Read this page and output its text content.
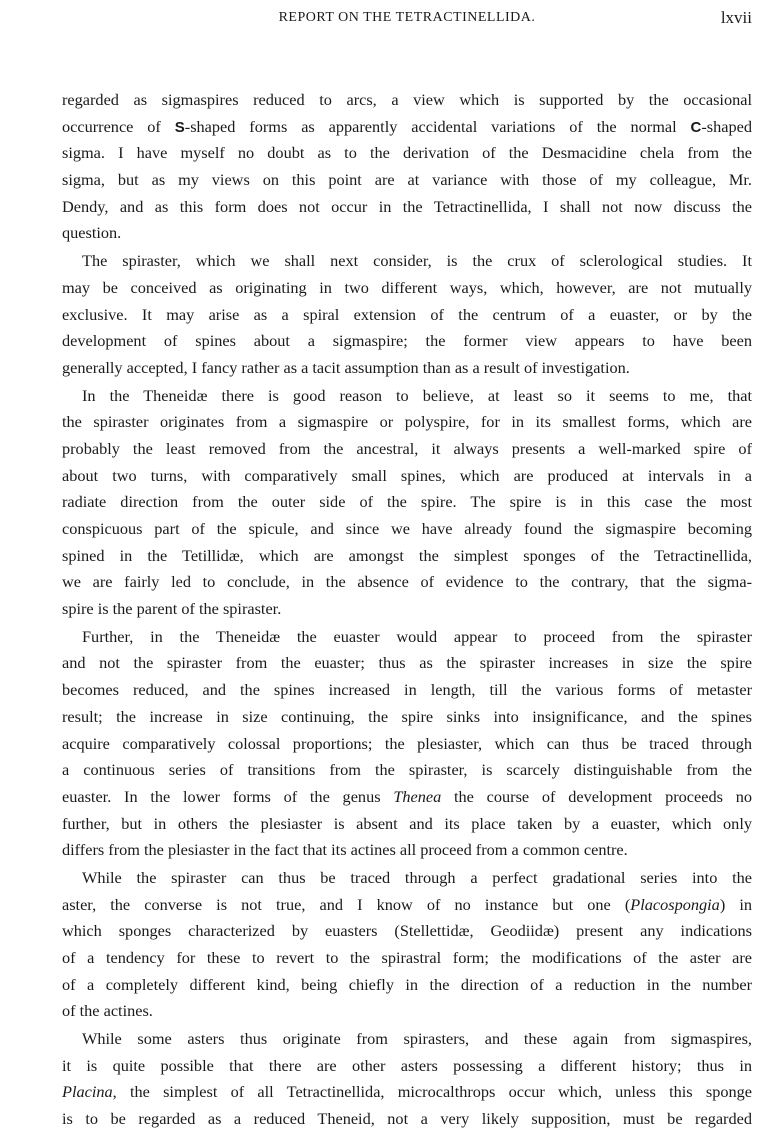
REPORT ON THE TETRACTINELLIDA.	lxvii
regarded as sigmaspires reduced to arcs, a view which is supported by the occasional
occurrence of S-shaped forms as apparently accidental variations of the normal C-shaped
sigma. I have myself no doubt as to the derivation of the Desmacidine chela from the
sigma, but as my views on this point are at variance with those of my colleague, Mr.
Dendy, and as this form does not occur in the Tetractinellida, I shall not now discuss the
question.
The spiraster, which we shall next consider, is the crux of sclerological studies. It
may be conceived as originating in two different ways, which, however, are not mutually
exclusive. It may arise as a spiral extension of the centrum of a euaster, or by the
development of spines about a sigmaspire; the former view appears to have been
generally accepted, I fancy rather as a tacit assumption than as a result of investigation.
In the Theneidæ there is good reason to believe, at least so it seems to me, that
the spiraster originates from a sigmaspire or polyspire, for in its smallest forms, which are
probably the least removed from the ancestral, it always presents a well-marked spire of
about two turns, with comparatively small spines, which are produced at intervals in a
radiate direction from the outer side of the spire. The spire is in this case the most
conspicuous part of the spicule, and since we have already found the sigmaspire becoming
spined in the Tetillidæ, which are amongst the simplest sponges of the Tetractinellida,
we are fairly led to conclude, in the absence of evidence to the contrary, that the sigma-
spire is the parent of the spiraster.
Further, in the Theneidæ the euaster would appear to proceed from the spiraster
and not the spiraster from the euaster; thus as the spiraster increases in size the spire
becomes reduced, and the spines increased in length, till the various forms of metaster
result; the increase in size continuing, the spire sinks into insignificance, and the spines
acquire comparatively colossal proportions; the plesiaster, which can thus be traced through
a continuous series of transitions from the spiraster, is scarcely distinguishable from the
euaster. In the lower forms of the genus Thenea the course of development proceeds no
further, but in others the plesiaster is absent and its place taken by a euaster, which only
differs from the plesiaster in the fact that its actines all proceed from a common centre.
While the spiraster can thus be traced through a perfect gradational series into the
aster, the converse is not true, and I know of no instance but one (Placospongia) in
which sponges characterized by euasters (Stellettidæ, Geodiidæ) present any indications
of a tendency for these to revert to the spirastral form; the modifications of the aster are
of a completely different kind, being chiefly in the direction of a reduction in the number
of the actines.
While some asters thus originate from spirasters, and these again from sigmaspires,
it is quite possible that there are other asters possessing a different history; thus in
Placina, the simplest of all Tetractinellida, microcalthrops occur which, unless this sponge
is to be regarded as a reduced Theneid, not a very likely supposition, must be regarded
